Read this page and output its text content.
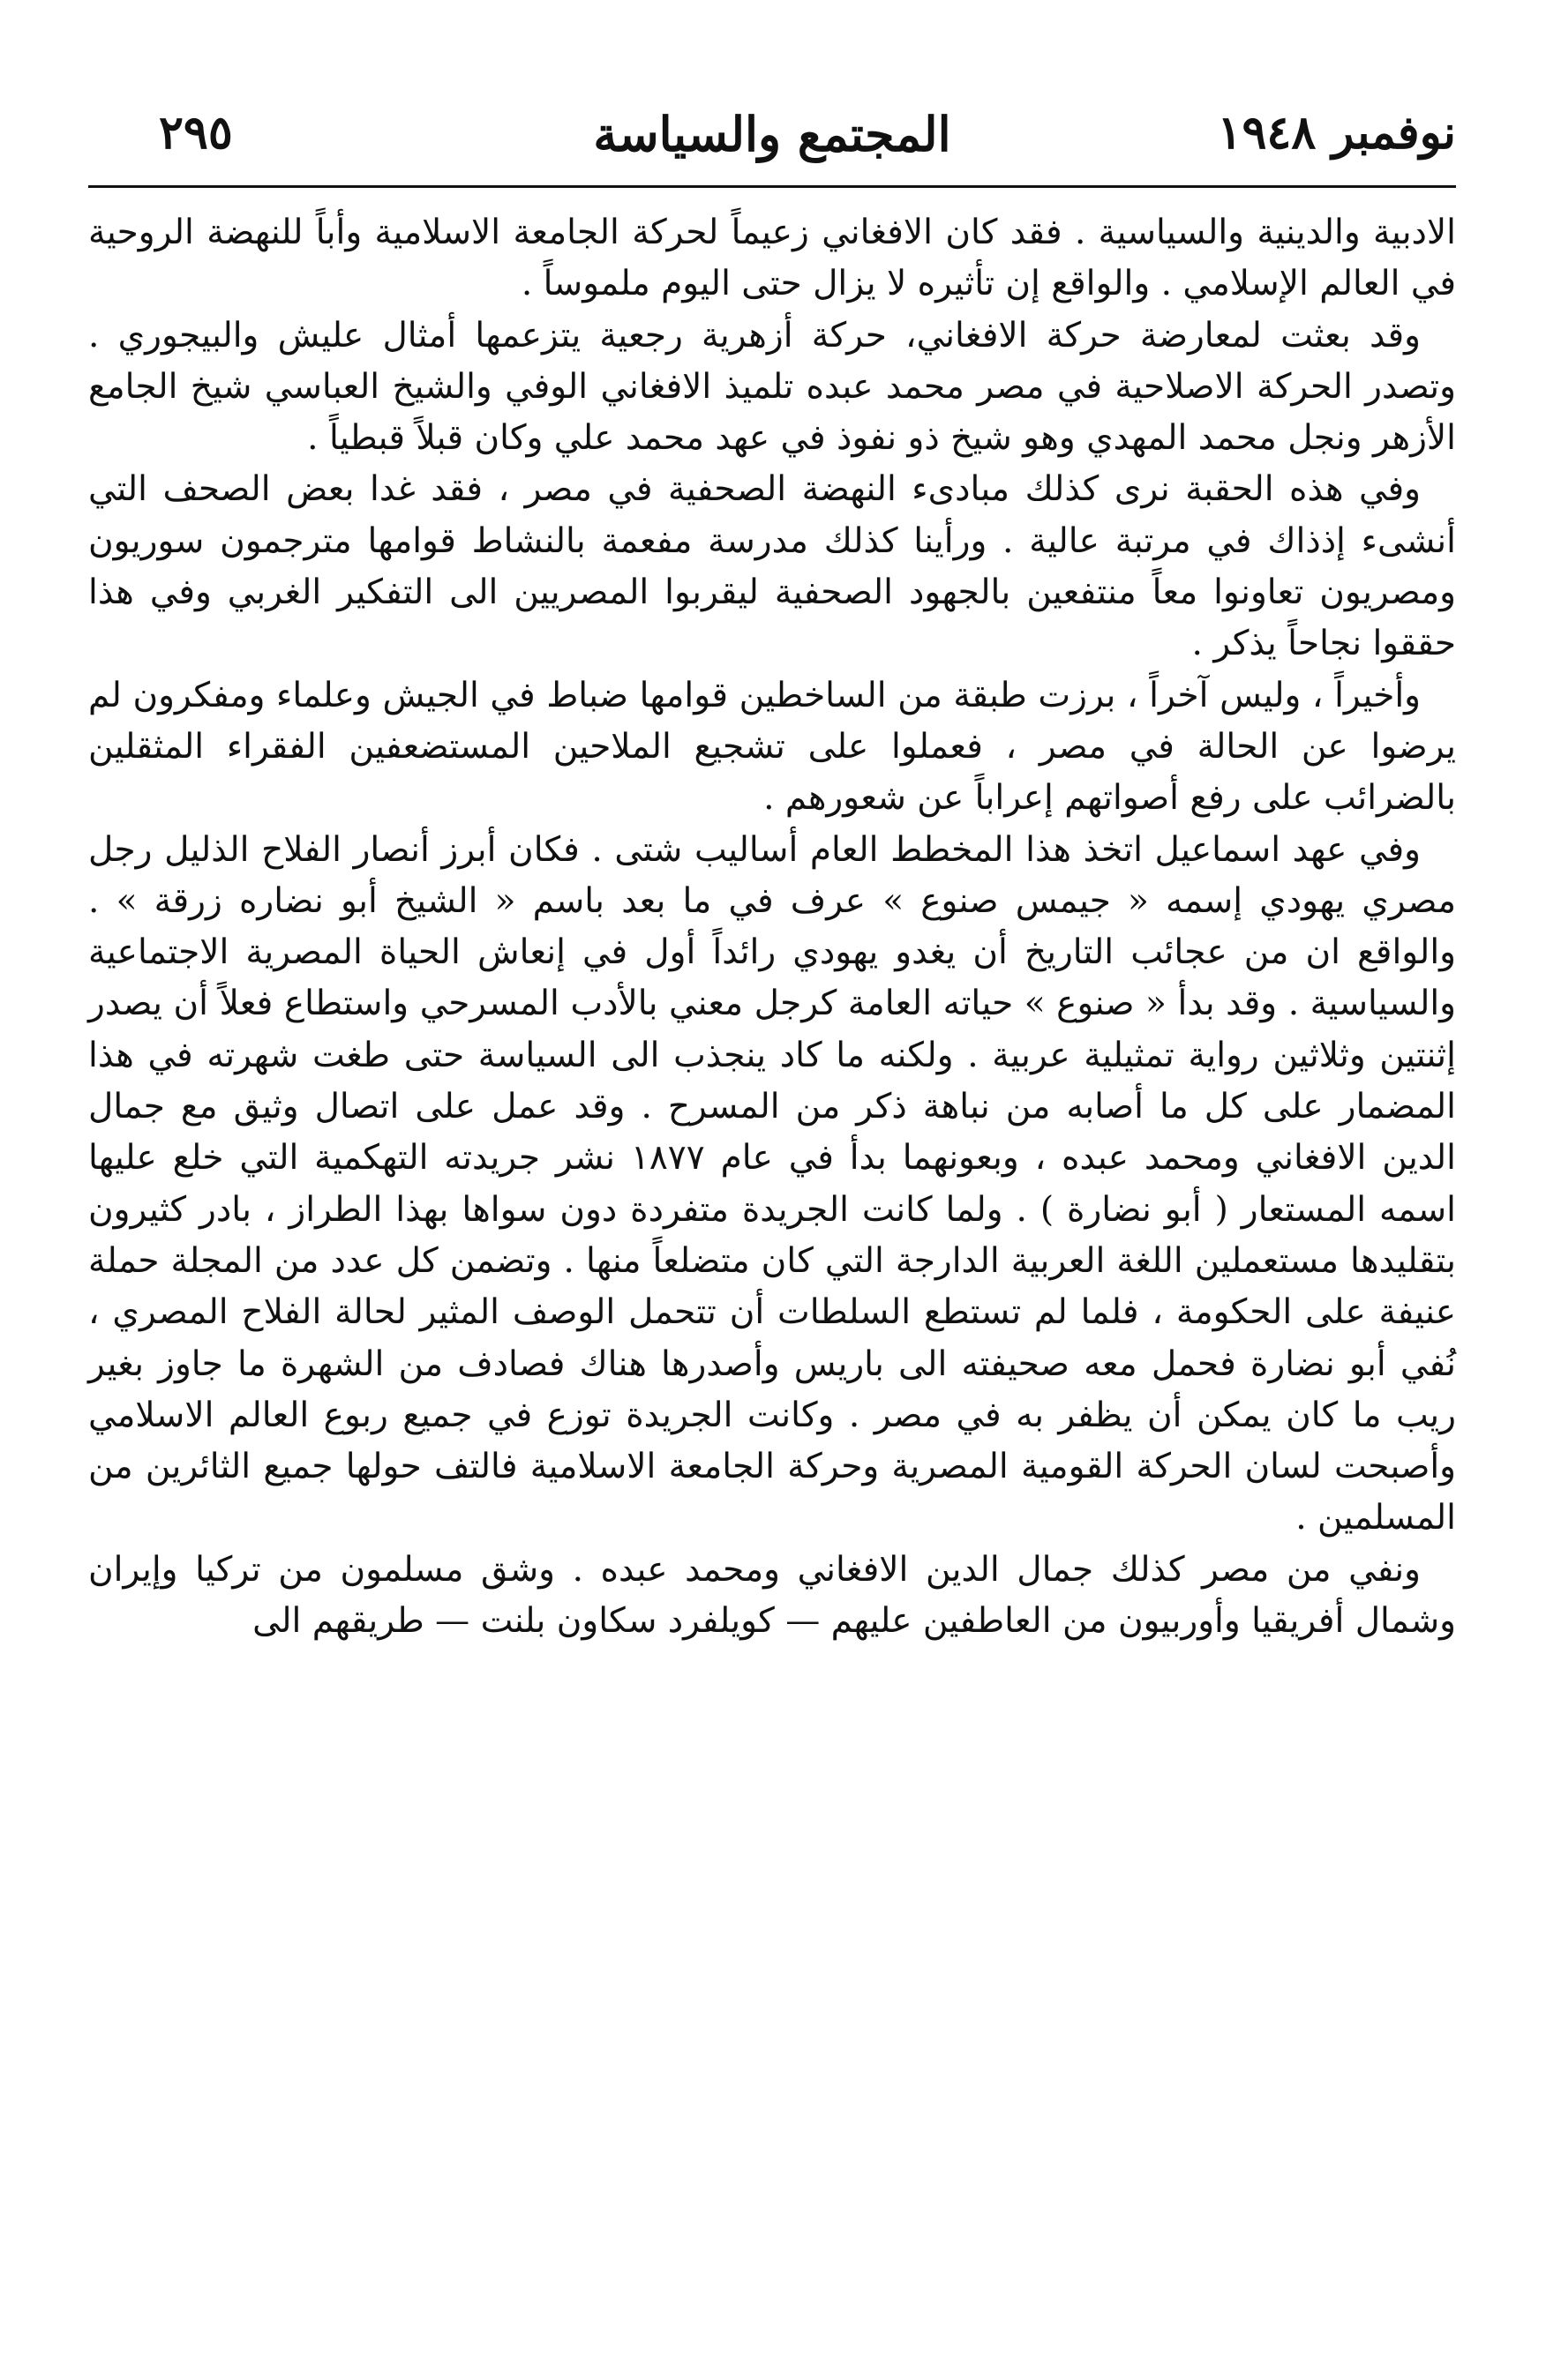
نوفمبر ١٩٤٨
المجتمع والسياسة
٢٩٥

الادبية والدينية والسياسية . فقد كان الافغاني زعيماً لحركة الجامعة الاسلامية وأباً للنهضة الروحية في العالم الإسلامي . والواقع إن تأثيره لا يزال حتى اليوم ملموساً .

وقد بعثت لمعارضة حركة الافغاني، حركة أزهرية رجعية يتزعمها أمثال عليش والبيجوري . وتصدر الحركة الاصلاحية في مصر محمد عبده تلميذ الافغاني الوفي والشيخ العباسي شيخ الجامع الأزهر ونجل محمد المهدي وهو شيخ ذو نفوذ في عهد محمد علي وكان قبلاً قبطياً .

وفي هذه الحقبة نرى كذلك مبادىء النهضة الصحفية في مصر ، فقد غدا بعض الصحف التي أنشىء إذذاك في مرتبة عالية . ورأينا كذلك مدرسة مفعمة بالنشاط قوامها مترجمون سوريون ومصريون تعاونوا معاً منتفعين بالجهود الصحفية ليقربوا المصريين الى التفكير الغربي وفي هذا حققوا نجاحاً يذكر .

وأخيراً ، وليس آخراً ، برزت طبقة من الساخطين قوامها ضباط في الجيش وعلماء ومفكرون لم يرضوا عن الحالة في مصر ، فعملوا على تشجيع الملاحين المستضعفين الفقراء المثقلين بالضرائب على رفع أصواتهم إعراباً عن شعورهم .

وفي عهد اسماعيل اتخذ هذا المخطط العام أساليب شتى . فكان أبرز أنصار الفلاح الذليل رجل مصري يهودي إسمه « جيمس صنوع » عرف في ما بعد باسم « الشيخ أبو نضاره زرقة » . والواقع ان من عجائب التاريخ أن يغدو يهودي رائداً أول في إنعاش الحياة المصرية الاجتماعية والسياسية . وقد بدأ « صنوع » حياته العامة كرجل معني بالأدب المسرحي واستطاع فعلاً أن يصدر إثنتين وثلاثين رواية تمثيلية عربية . ولكنه ما كاد ينجذب الى السياسة حتى طغت شهرته في هذا المضمار على كل ما أصابه من نباهة ذكر من المسرح . وقد عمل على اتصال وثيق مع جمال الدين الافغاني ومحمد عبده ، وبعونهما بدأ في عام ١٨٧٧ نشر جريدته التهكمية التي خلع عليها اسمه المستعار ( أبو نضارة ) . ولما كانت الجريدة متفردة دون سواها بهذا الطراز ، بادر كثيرون بتقليدها مستعملين اللغة العربية الدارجة التي كان متضلعاً منها . وتضمن كل عدد من المجلة حملة عنيفة على الحكومة ، فلما لم تستطع السلطات أن تتحمل الوصف المثير لحالة الفلاح المصري ، نُفي أبو نضارة فحمل معه صحيفته الى باريس وأصدرها هناك فصادف من الشهرة ما جاوز بغير ريب ما كان يمكن أن يظفر به في مصر . وكانت الجريدة توزع في جميع ربوع العالم الاسلامي وأصبحت لسان الحركة القومية المصرية وحركة الجامعة الاسلامية فالتف حولها جميع الثائرين من المسلمين .

ونفي من مصر كذلك جمال الدين الافغاني ومحمد عبده . وشق مسلمون من تركيا وإيران وشمال أفريقيا وأوربيون من العاطفين عليهم — كويلفرد سكاون بلنت — طريقهم الى
